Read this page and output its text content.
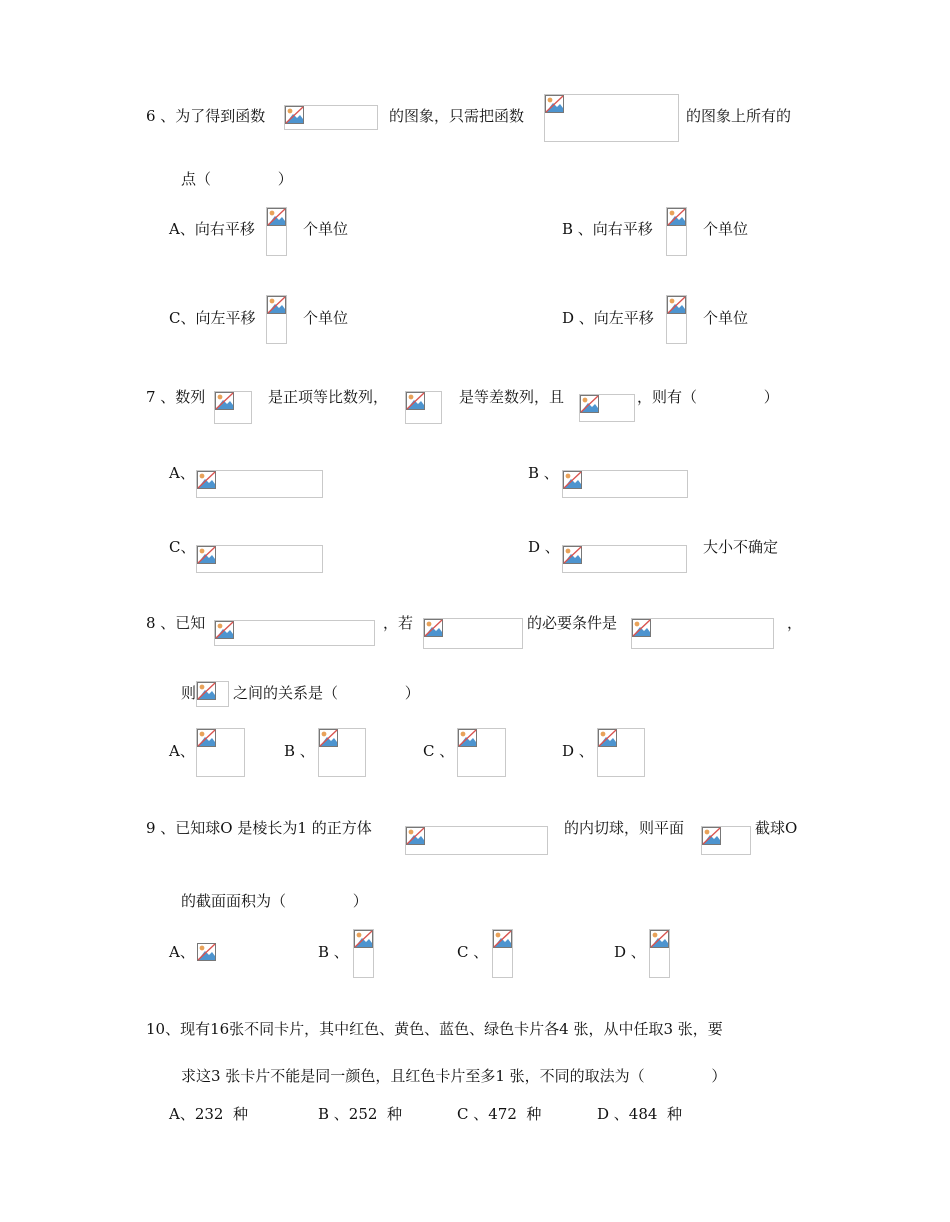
6 、为了得到函数	的图象，只需把函数	的图象上所有的
点（              ）
A、向右平移	个单位	B 、向右平移	个单位
C、向左平移	个单位	D 、向左平移	个单位
7 、数列	是正项等比数列，	是等差数列，且	，则有（              ）
A、	B 、
C、	D 、	大小不确定
8 、已知	，若	的必要条件是	，
则 之间的关系是（              ）
A、	B 、	C 、	D 、
9 、已知球O 是棱长为1 的正方体	的内切球，则平面	截球O
的截面面积为（              ）
A、	B 、	C 、	D 、
10、现有16张不同卡片，其中红色、黄色、蓝色、绿色卡片各4 张，从中任取3 张，要
求这3 张卡片不能是同一颜色，且红色卡片至多1 张，不同的取法为（              ）
A、232  种	B 、252  种	C 、472  种	D 、484  种
